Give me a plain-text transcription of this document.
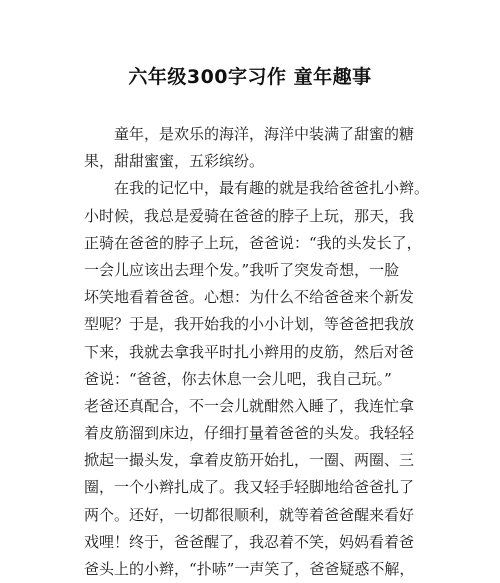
六年级300字习作 童年趣事
　　童年，是欢乐的海洋，海洋中装满了甜蜜的糖
果，甜甜蜜蜜，五彩缤纷。
　　在我的记忆中，最有趣的就是我给爸爸扎小辫。
小时候，我总是爱骑在爸爸的脖子上玩，那天，我
正骑在爸爸的脖子上玩，爸爸说：“我的头发长了，
一会儿应该出去理个发。”我听了突发奇想，一脸
坏笑地看着爸爸。心想：为什么不给爸爸来个新发
型呢？于是，我开始我的小小计划，等爸爸把我放
下来，我就去拿我平时扎小辫用的皮筋，然后对爸
爸说：“爸爸，你去休息一会儿吧，我自己玩。”
老爸还真配合，不一会儿就酣然入睡了，我连忙拿
着皮筋溜到床边，仔细打量着爸爸的头发。我轻轻
掀起一撮头发，拿着皮筋开始扎，一圈、两圈、三
圈，一个小辫扎成了。我又轻手轻脚地给爸爸扎了
两个。还好，一切都很顺利，就等着爸爸醒来看好
戏哩！终于，爸爸醒了，我忍着不笑，妈妈看着爸
爸头上的小辫，“扑哧”一声笑了，爸爸疑惑不解，
